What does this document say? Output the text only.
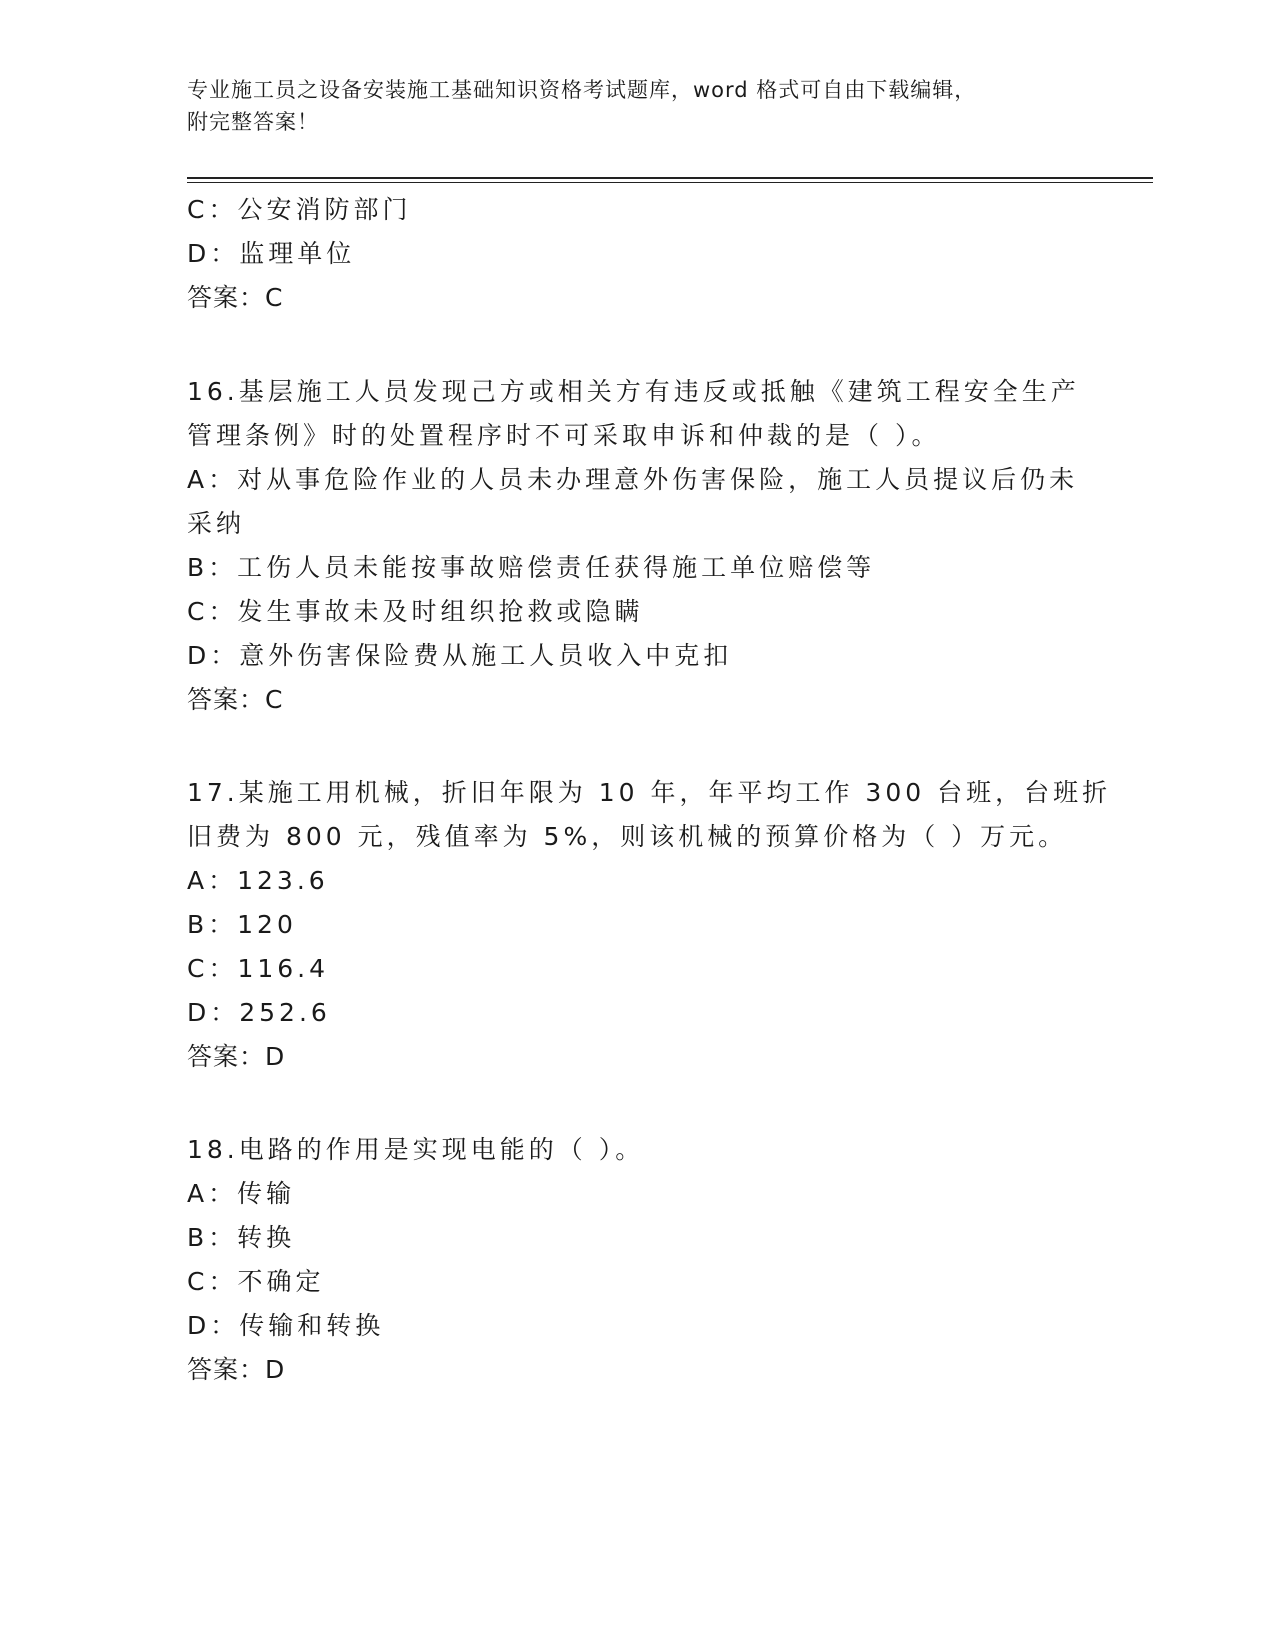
专业施工员之设备安装施工基础知识资格考试题库，word 格式可自由下载编辑，
附完整答案！
C：公安消防部门
D：监理单位
答案：C
16.基层施工人员发现己方或相关方有违反或抵触《建筑工程安全生产
管理条例》时的处置程序时不可采取申诉和仲裁的是（ ）。
A：对从事危险作业的人员未办理意外伤害保险，施工人员提议后仍未
采纳
B：工伤人员未能按事故赔偿责任获得施工单位赔偿等
C：发生事故未及时组织抢救或隐瞒
D：意外伤害保险费从施工人员收入中克扣
答案：C
17.某施工用机械，折旧年限为 10 年，年平均工作 300 台班，台班折
旧费为 800 元，残值率为 5%，则该机械的预算价格为（ ）万元。
A：123.6
B：120
C：116.4
D：252.6
答案：D
18.电路的作用是实现电能的（ ）。
A：传输
B：转换
C：不确定
D：传输和转换
答案：D
